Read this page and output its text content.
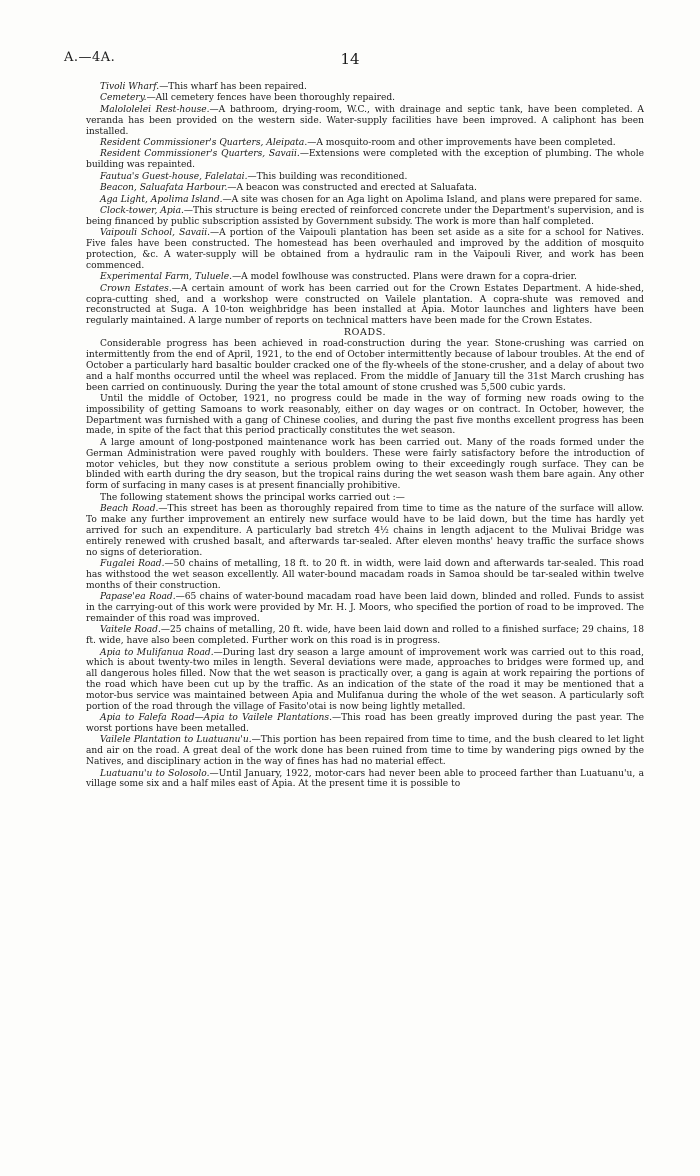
A.—4A.	14

Tivoli Wharf.—This wharf has been repaired.

Cemetery.—All cemetery fences have been thoroughly repaired.

Malololelei Rest-house.—A bathroom, drying-room, W.C., with drainage and septic tank, have been completed. A veranda has been provided on the western side. Water-supply facilities have been improved. A caliphont has been installed.

Resident Commissioner's Quarters, Aleipata.—A mosquito-room and other improvements have been completed.

Resident Commissioner's Quarters, Savaii.—Extensions were completed with the exception of plumbing. The whole building was repainted.

Fautua's Guest-house, Falelatai.—This building was reconditioned.

Beacon, Saluafata Harbour.—A beacon was constructed and erected at Saluafata.

Aga Light, Apolima Island.—A site was chosen for an Aga light on Apolima Island, and plans were prepared for same.

Clock-tower, Apia.—This structure is being erected of reinforced concrete under the Department's supervision, and is being financed by public subscription assisted by Government subsidy. The work is more than half completed.

Vaipouli School, Savaii.—A portion of the Vaipouli plantation has been set aside as a site for a school for Natives. Five fales have been constructed. The homestead has been overhauled and improved by the addition of mosquito protection, &c. A water-supply will be obtained from a hydraulic ram in the Vaipouli River, and work has been commenced.

Experimental Farm, Tuluele.—A model fowlhouse was constructed. Plans were drawn for a copra-drier.

Crown Estates.—A certain amount of work has been carried out for the Crown Estates Department. A hide-shed, copra-cutting shed, and a workshop were constructed on Vailele plantation. A copra-shute was removed and reconstructed at Suga. A 10-ton weighbridge has been installed at Apia. Motor launches and lighters have been regularly maintained. A large number of reports on technical matters have been made for the Crown Estates.

ROADS.

Considerable progress has been achieved in road-construction during the year. Stone-crushing was carried on intermittently from the end of April, 1921, to the end of October intermittently because of labour troubles. At the end of October a particularly hard basaltic boulder cracked one of the fly-wheels of the stone-crusher, and a delay of about two and a half months occurred until the wheel was replaced. From the middle of January till the 31st March crushing has been carried on continuously. During the year the total amount of stone crushed was 5,500 cubic yards.

Until the middle of October, 1921, no progress could be made in the way of forming new roads owing to the impossibility of getting Samoans to work reasonably, either on day wages or on contract. In October, however, the Department was furnished with a gang of Chinese coolies, and during the past five months excellent progress has been made, in spite of the fact that this period practically constitutes the wet season.

A large amount of long-postponed maintenance work has been carried out. Many of the roads formed under the German Administration were paved roughly with boulders. These were fairly satisfactory before the introduction of motor vehicles, but they now constitute a serious problem owing to their exceedingly rough surface. They can be blinded with earth during the dry season, but the tropical rains during the wet season wash them bare again. Any other form of surfacing in many cases is at present financially prohibitive.

The following statement shows the principal works carried out :—

Beach Road.—This street has been as thoroughly repaired from time to time as the nature of the surface will allow. To make any further improvement an entirely new surface would have to be laid down, but the time has hardly yet arrived for such an expenditure. A particularly bad stretch 4½ chains in length adjacent to the Mulivai Bridge was entirely renewed with crushed basalt, and afterwards tar-sealed. After eleven months' heavy traffic the surface shows no signs of deterioration.

Fugalei Road.—50 chains of metalling, 18 ft. to 20 ft. in width, were laid down and afterwards tar-sealed. This road has withstood the wet season excellently. All water-bound macadam roads in Samoa should be tar-sealed within twelve months of their construction.

Papase'ea Road.—65 chains of water-bound macadam road have been laid down, blinded and rolled. Funds to assist in the carrying-out of this work were provided by Mr. H. J. Moors, who specified the portion of road to be improved. The remainder of this road was improved.

Vaitele Road.—25 chains of metalling, 20 ft. wide, have been laid down and rolled to a finished surface; 29 chains, 18 ft. wide, have also been completed. Further work on this road is in progress.

Apia to Mulifanua Road.—During last dry season a large amount of improvement work was carried out to this road, which is about twenty-two miles in length. Several deviations were made, approaches to bridges were formed up, and all dangerous holes filled. Now that the wet season is practically over, a gang is again at work repairing the portions of the road which have been cut up by the traffic. As an indication of the state of the road it may be mentioned that a motor-bus service was maintained between Apia and Mulifanua during the whole of the wet season. A particularly soft portion of the road through the village of Fasito'otai is now being lightly metalled.

Apia to Falefa Road—Apia to Vailele Plantations.—This road has been greatly improved during the past year. The worst portions have been metalled.

Vailele Plantation to Luatuanu'u.—This portion has been repaired from time to time, and the bush cleared to let light and air on the road. A great deal of the work done has been ruined from time to time by wandering pigs owned by the Natives, and disciplinary action in the way of fines has had no material effect.

Luatuanu'u to Solosolo.—Until January, 1922, motor-cars had never been able to proceed farther than Luatuanu'u, a village some six and a half miles east of Apia. At the present time it is possible to
